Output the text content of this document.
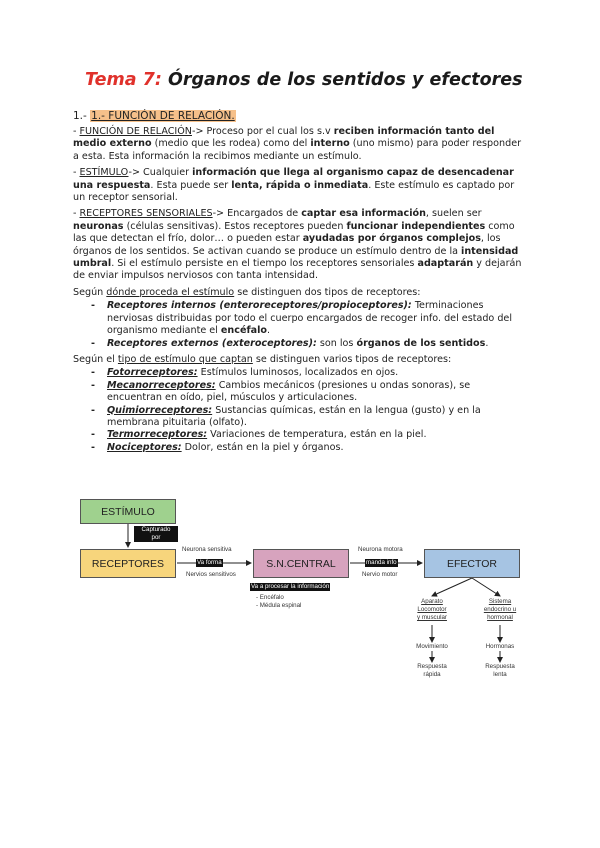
Tema 7: Órganos de los sentidos y efectores
1.- 1.- FUNCIÓN DE RELACIÓN.

- FUNCIÓN DE RELACIÓN-> Proceso por el cual los s.v reciben información tanto del medio externo (medio que les rodea) como del interno (uno mismo) para poder responder a esta. Esta información la recibimos mediante un estímulo.

- ESTÍMULO-> Cualquier información que llega al organismo capaz de desencadenar una respuesta. Esta puede ser lenta, rápida o inmediata. Este estímulo es captado por un receptor sensorial.

- RECEPTORES SENSORIALES-> Encargados de captar esa información, suelen ser neuronas (células sensitivas). Estos receptores pueden funcionar independientes como las que detectan el frío, dolor… o pueden estar ayudadas por órganos complejos, los órganos de los sentidos. Se activan cuando se produce un estímulo dentro de la intensidad umbral. Si el estímulo persiste en el tiempo los receptores sensoriales adaptarán y dejarán de enviar impulsos nerviosos con tanta intensidad.

Según dónde proceda el estímulo se distinguen dos tipos de receptores:

- Receptores internos (enteroreceptores/propioceptores): Terminaciones nerviosas distribuidas por todo el cuerpo encargados de recoger info. del estado del organismo mediante el encéfalo.
- Receptores externos (exteroceptores): son los órganos de los sentidos.

Según el tipo de estímulo que captan se distinguen varios tipos de receptores:

- Fotorreceptores: Estímulos luminosos, localizados en ojos.
- Mecanorreceptores: Cambios mecánicos (presiones u ondas sonoras), se encuentran en oído, piel, músculos y articulaciones.
- Quimiorreceptores: Sustancias químicas, están en la lengua (gusto) y en la membrana pituitaria (olfato).
- Termorreceptores: Variaciones de temperatura, están en la piel.
- Nociceptores: Dolor, están en la piel y órganos.
ESTÍMULO
Capturado
por
RECEPTORES	S.N.CENTRAL	EFECTOR
Neurona sensitiva
Va forma
Nervios sensitivos
Va a procesar la información
- Encéfalo
- Médula espinal
Neurona motora
manda info
Nervio motor
Aparato
Locomotor
y muscular
Sistema
endocrino u
hormonal
Movimiento	Hormonas
Respuesta
rápida
Respuesta
lenta
